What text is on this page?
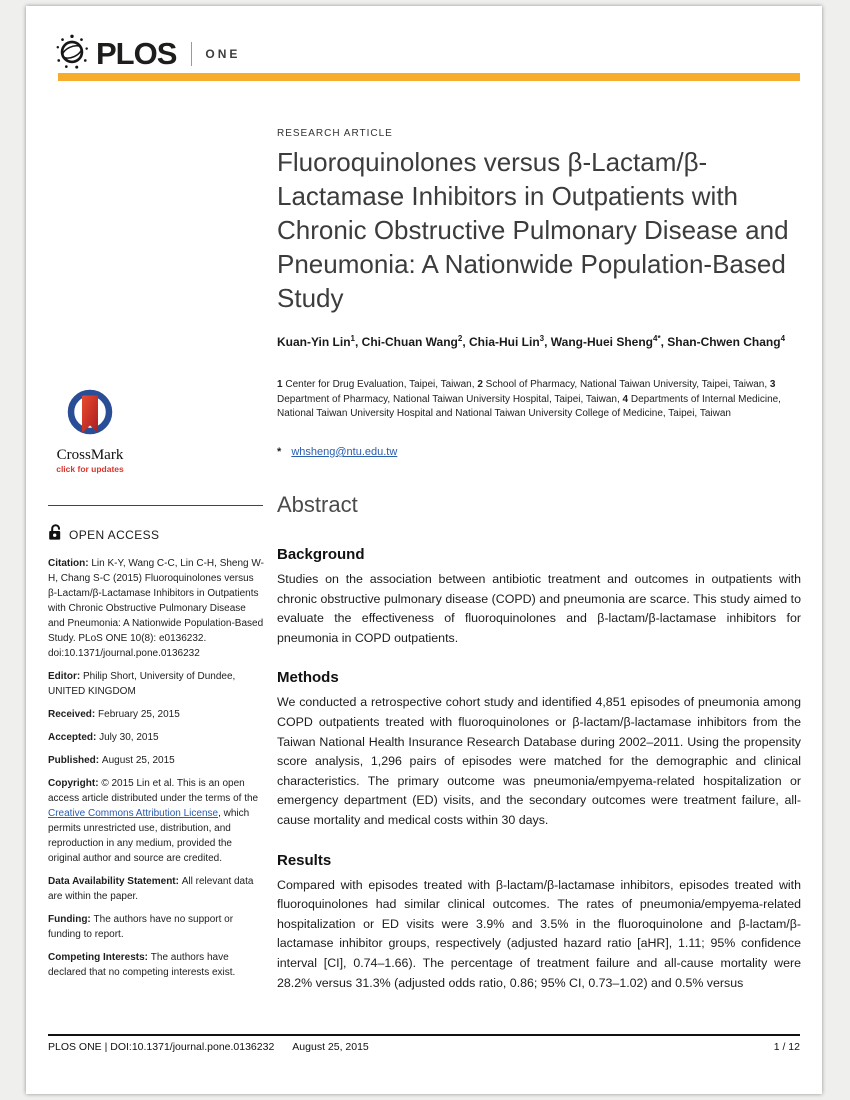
PLOS ONE
CrossMark
click for updates
OPEN ACCESS

Citation: Lin K-Y, Wang C-C, Lin C-H, Sheng W-H, Chang S-C (2015) Fluoroquinolones versus β-Lactam/β-Lactamase Inhibitors in Outpatients with Chronic Obstructive Pulmonary Disease and Pneumonia: A Nationwide Population-Based Study. PLoS ONE 10(8): e0136232. doi:10.1371/journal.pone.0136232

Editor: Philip Short, University of Dundee, UNITED KINGDOM

Received: February 25, 2015

Accepted: July 30, 2015

Published: August 25, 2015

Copyright: © 2015 Lin et al. This is an open access article distributed under the terms of the Creative Commons Attribution License, which permits unrestricted use, distribution, and reproduction in any medium, provided the original author and source are credited.

Data Availability Statement: All relevant data are within the paper.

Funding: The authors have no support or funding to report.

Competing Interests: The authors have declared that no competing interests exist.

RESEARCH ARTICLE
Fluoroquinolones versus β-Lactam/β-Lactamase Inhibitors in Outpatients with Chronic Obstructive Pulmonary Disease and Pneumonia: A Nationwide Population-Based Study
Kuan-Yin Lin$^1$, Chi-Chuan Wang$^2$, Chia-Hui Lin$^3$, Wang-Huei Sheng$^{4*}$, Shan-Chwen Chang$^4$
1 Center for Drug Evaluation, Taipei, Taiwan, 2 School of Pharmacy, National Taiwan University, Taipei, Taiwan, 3 Department of Pharmacy, National Taiwan University Hospital, Taipei, Taiwan, 4 Departments of Internal Medicine, National Taiwan University Hospital and National Taiwan University College of Medicine, Taipei, Taiwan
* whsheng@ntu.edu.tw
Abstract
Background

Studies on the association between antibiotic treatment and outcomes in outpatients with chronic obstructive pulmonary disease (COPD) and pneumonia are scarce. This study aimed to evaluate the effectiveness of fluoroquinolones and β-lactam/β-lactamase inhibitors for pneumonia in COPD outpatients.

Methods

We conducted a retrospective cohort study and identified 4,851 episodes of pneumonia among COPD outpatients treated with fluoroquinolones or β-lactam/β-lactamase inhibitors from the Taiwan National Health Insurance Research Database during 2002–2011. Using the propensity score analysis, 1,296 pairs of episodes were matched for the demographic and clinical characteristics. The primary outcome was pneumonia/empyema-related hospitalization or emergency department (ED) visits, and the secondary outcomes were treatment failure, all-cause mortality and medical costs within 30 days.

Results

Compared with episodes treated with β-lactam/β-lactamase inhibitors, episodes treated with fluoroquinolones had similar clinical outcomes. The rates of pneumonia/empyema-related hospitalization or ED visits were 3.9% and 3.5% in the fluoroquinolone and β-lactam/β-lactamase inhibitor groups, respectively (adjusted hazard ratio [aHR], 1.11; 95% confidence interval [CI], 0.74–1.66). The percentage of treatment failure and all-cause mortality were 28.2% versus 31.3% (adjusted odds ratio, 0.86; 95% CI, 0.73–1.02) and 0.5% versus

PLOS ONE | DOI:10.1371/journal.pone.0136232 August 25, 2015	1 / 12
